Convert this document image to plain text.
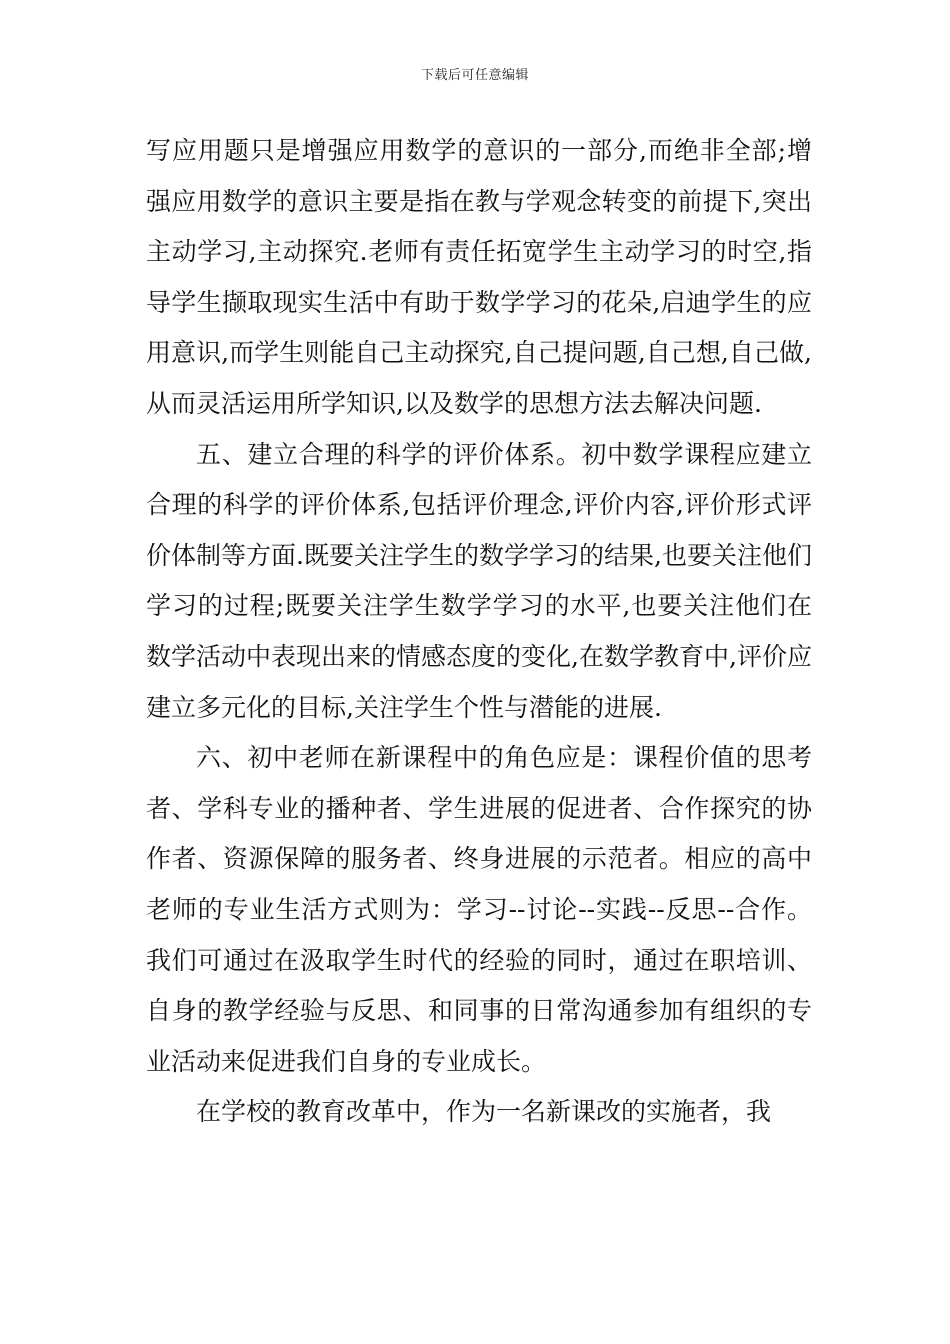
下载后可任意编辑

写应用题只是增强应用数学的意识的一部分,而绝非全部;增强应用数学的意识主要是指在教与学观念转变的前提下,突出主动学习,主动探究.老师有责任拓宽学生主动学习的时空,指导学生撷取现实生活中有助于数学学习的花朵,启迪学生的应用意识,而学生则能自己主动探究,自己提问题,自己想,自己做,从而灵活运用所学知识,以及数学的思想方法去解决问题.

五、建立合理的科学的评价体系。初中数学课程应建立合理的科学的评价体系,包括评价理念,评价内容,评价形式评价体制等方面.既要关注学生的数学学习的结果,也要关注他们学习的过程;既要关注学生数学学习的水平,也要关注他们在数学活动中表现出来的情感态度的变化,在数学教育中,评价应建立多元化的目标,关注学生个性与潜能的进展.

六、初中老师在新课程中的角色应是：课程价值的思考者、学科专业的播种者、学生进展的促进者、合作探究的协作者、资源保障的服务者、终身进展的示范者。相应的高中老师的专业生活方式则为：学习--讨论--实践--反思--合作。我们可通过在汲取学生时代的经验的同时，通过在职培训、自身的教学经验与反思、和同事的日常沟通参加有组织的专业活动来促进我们自身的专业成长。

在学校的教育改革中，作为一名新课改的实施者，我
